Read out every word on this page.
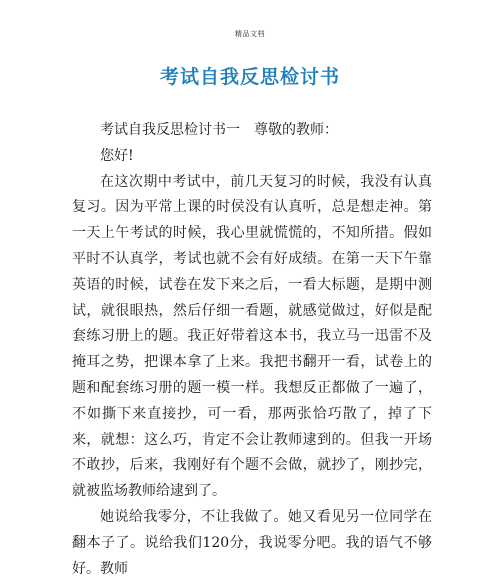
精品文档
考试自我反思检讨书

考试自我反思检讨书一　尊敬的教师：

您好!

在这次期中考试中，前几天复习的时候，我没有认真复习。因为平常上课的时侯没有认真听，总是想走神。第一天上午考试的时候，我心里就慌慌的，不知所措。假如平时不认真学，考试也就不会有好成绩。在第一天下午靠英语的时候，试卷在发下来之后，一看大标题，是期中测试，就很眼热，然后仔细一看题，就感觉做过，好似是配套练习册上的题。我正好带着这本书，我立马一迅雷不及掩耳之势，把课本拿了上来。我把书翻开一看，试卷上的题和配套练习册的题一模一样。我想反正都做了一遍了，不如撕下来直接抄，可一看，那两张恰巧散了，掉了下来，就想：这么巧，肯定不会让教师逮到的。但我一开场不敢抄，后来，我刚好有个题不会做，就抄了，刚抄完，就被监场教师给逮到了。

她说给我零分，不让我做了。她又看见另一位同学在翻本子了。说给我们120分，我说零分吧。我的语气不够好。教师
